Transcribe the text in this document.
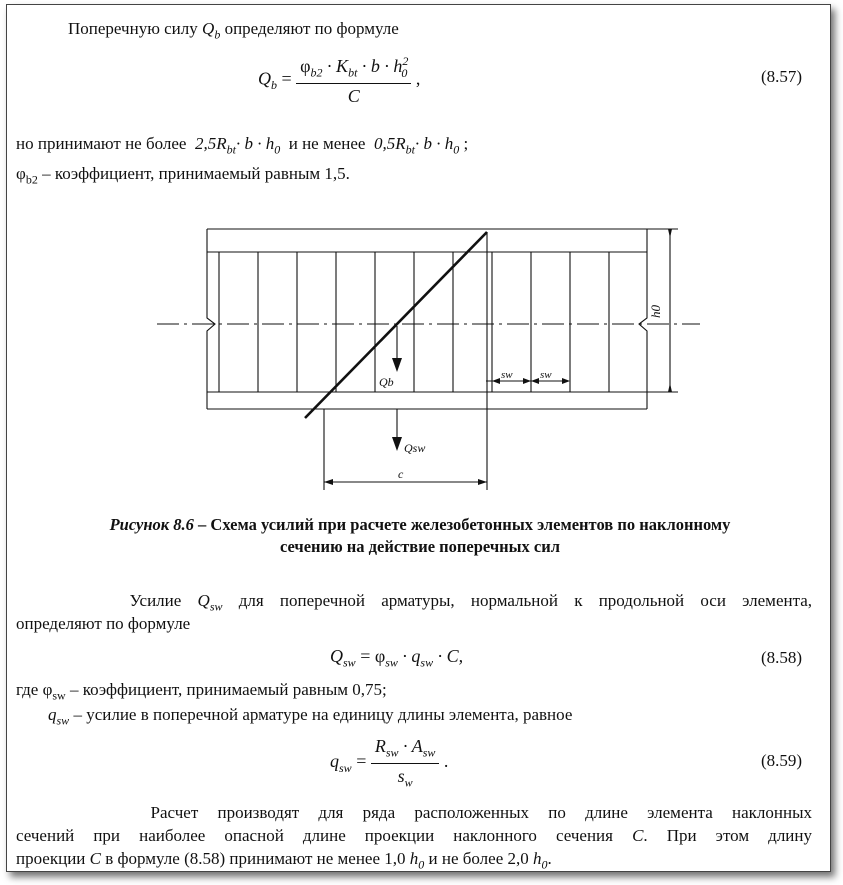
Поперечную силу $Q_b$ определяют по формуле
$Q_b = \frac{\varphi_{b2} \cdot K_{bt} \cdot b \cdot h^2_0}{C}$ ,	(8.57)
но принимают не более $2,5R_{bt}\cdot b \cdot h_0$ и не менее $0,5R_{bt}\cdot b \cdot h_0$ ;
$\varphi_{b2}$ – коэффициент, принимаемый равным 1,5.
h0
Qb
Qsw
sw sw
c
Рисунок 8.6 – Схема усилий при расчете железобетонных элементов по наклонному
сечению на действие поперечных сил
Усилие $Q_{sw}$ для поперечной арматуры, нормальной к продольной оси элемента,
определяют по формуле
$Q_{sw} = \varphi_{sw} \cdot q_{sw} \cdot C$,	(8.58)
где $\varphi_{sw}$ – коэффициент, принимаемый равным 0,75;
$q_{sw}$ – усилие в поперечной арматуре на единицу длины элемента, равное
$q_{sw} = \frac{R_{sw} \cdot A_{sw}}{s_w}$ .	(8.59)
Расчет производят для ряда расположенных по длине элемента наклонных
сечений при наиболее опасной длине проекции наклонного сечения C. При этом длину
проекции C в формуле (8.58) принимают не менее 1,0 $h_0$ и не более 2,0 $h_0$.
